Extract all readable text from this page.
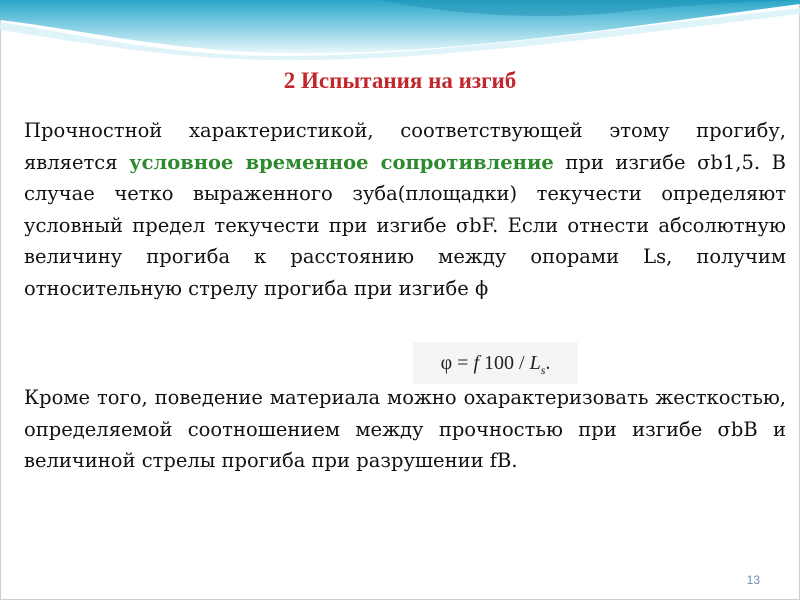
2 Испытания на изгиб

Прочностной характеристикой, соответствующей этому прогибу, является условное временное сопротивление при изгибе σb1,5. В случае четко выраженного зуба(площадки) текучести определяют условный предел текучести при изгибе σbF. Если отнести абсолютную величину прогиба к расстоянию между опорами Ls, получим относительную стрелу прогиба при изгибе ϕ

φ = f $100 / L_s$.

Кроме того, поведение материала можно охарактеризовать жесткостью, определяемой соотношением между прочностью при изгибе σbB и величиной стрелы прогиба при разрушении fB.

13
